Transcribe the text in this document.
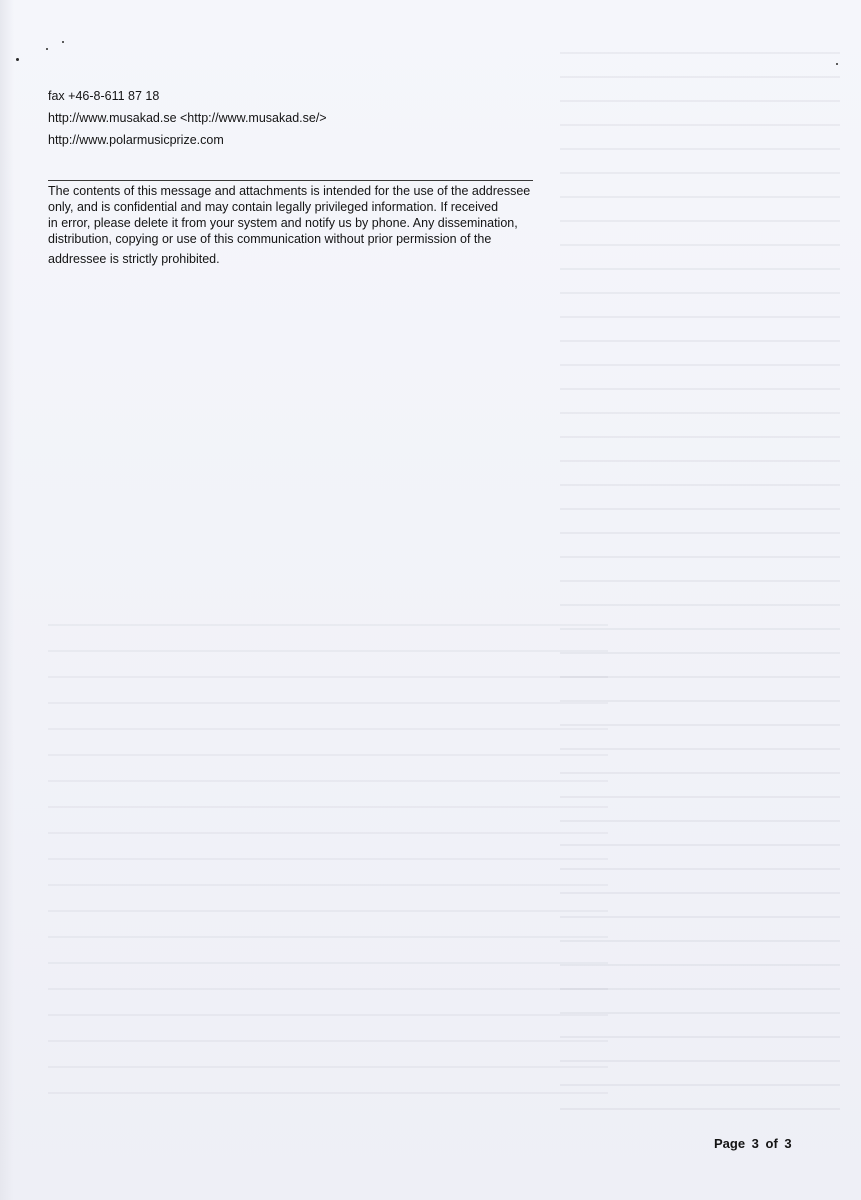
fax +46-8-611 87 18
http://www.musakad.se <http://www.musakad.se/>
http://www.polarmusicprize.com
The contents of this message and attachments is intended for the use of the addressee
only, and is confidential and may contain legally privileged information. If received
in error, please delete it from your system and notify us by phone. Any dissemination,
distribution, copying or use of this communication without prior permission of the
addressee is strictly prohibited.
Page 3 of 3
